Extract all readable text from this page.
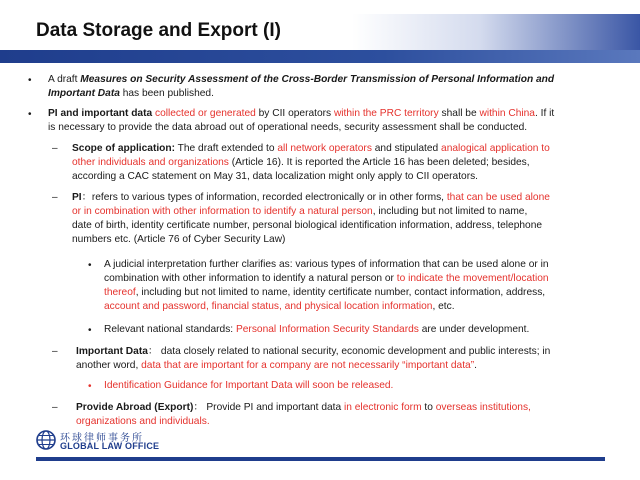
Data Storage and Export (I)
• A draft Measures on Security Assessment of the Cross-Border Transmission of Personal Information and
Important Data has been published.
• PI and important data collected or generated by CII operators within the PRC territory shall be within China. If it
is necessary to provide the data abroad out of operational needs, security assessment shall be conducted.
– Scope of application: The draft extended to all network operators and stipulated analogical application to
other individuals and organizations (Article 16). It is reported the Article 16 has been deleted; besides,
according a CAC statement on May 31, data localization might only apply to CII operators.
– PI：refers to various types of information, recorded electronically or in other forms, that can be used alone
or in combination with other information to identify a natural person, including but not limited to name,
date of birth, identity certificate number, personal biological identification information, address, telephone
numbers etc. (Article 76 of Cyber Security Law)
• A judicial interpretation further clarifies as: various types of information that can be used alone or in
combination with other information to identify a natural person or to indicate the movement/location
thereof, including but not limited to name, identity certificate number, contact information, address,
account and password, financial status, and physical location information, etc.
• Relevant national standards: Personal Information Security Standards are under development.
– Important Data： data closely related to national security, economic development and public interests; in
another word, data that are important for a company are not necessarily “important data”.
• Identification Guidance for Important Data will soon be released.
– Provide Abroad (Export)： Provide PI and important data in electronic form to overseas institutions,
organizations and individuals.
环球律师事务所
GLOBAL LAW OFFICE
